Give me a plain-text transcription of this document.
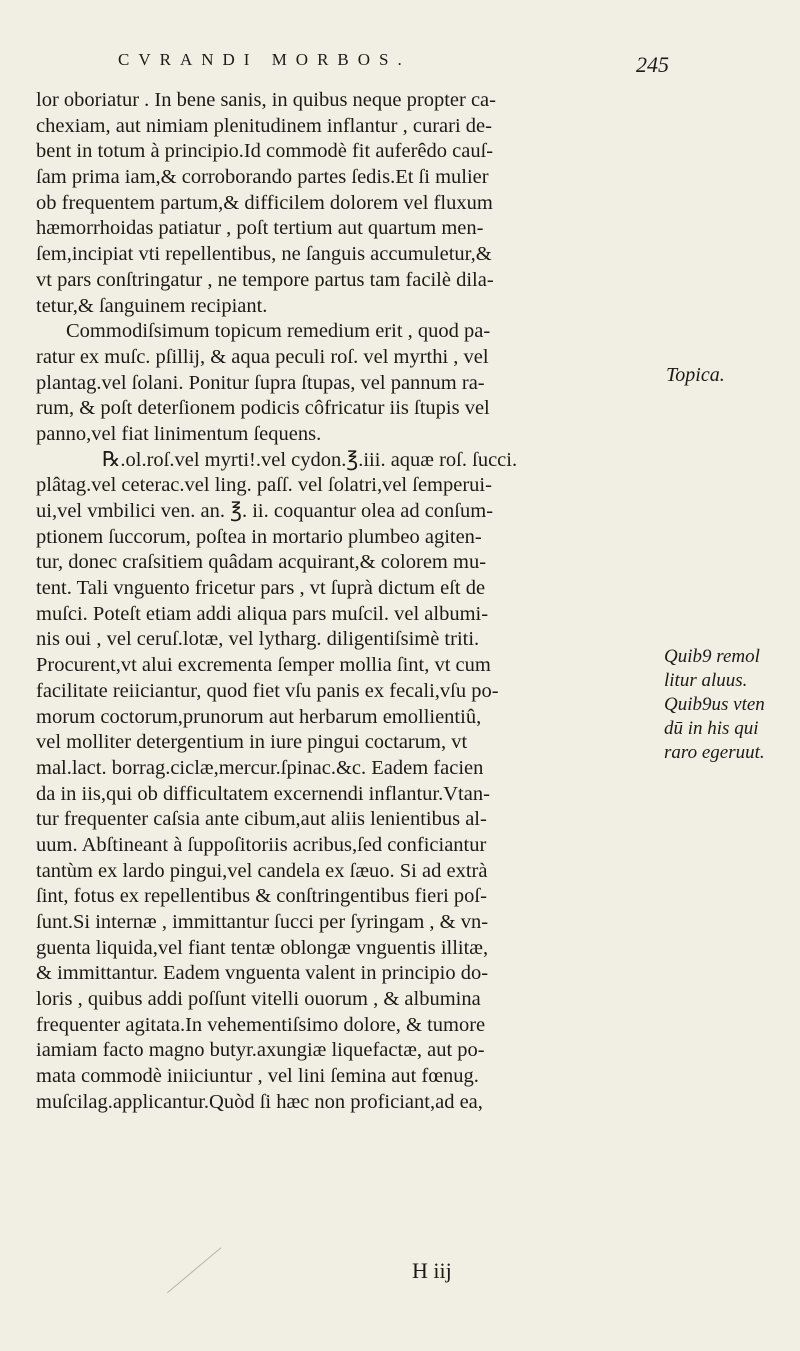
CVRANDI MORBOS.	245
lor oboriatur . In bene sanis, in quibus neque propter ca-
chexiam, aut nimiam plenitudinem inflantur , curari de-
bent in totum à principio.Id commodè fit auferêdo cauſ-
ſam prima iam,& corroborando partes ſedis.Et ſi mulier
ob frequentem partum,& difficilem dolorem vel fluxum
hæmorrhoidas patiatur , poſt tertium aut quartum men-
ſem,incipiat vti repellentibus, ne ſanguis accumuletur,&
vt pars conſtringatur , ne tempore partus tam facilè dila-
tetur,& ſanguinem recipiant.
Commodiſsimum topicum remedium erit , quod pa-
ratur ex muſc. pſillij, & aqua peculi roſ. vel myrthi , vel
plantag.vel ſolani. Ponitur ſupra ſtupas, vel pannum ra-
rum, & poſt deterſionem podicis côfricatur iis ſtupis vel
panno,vel fiat linimentum ſequens.
℞.ol.roſ.vel myrti!.vel cydon.℥.iii. aquæ roſ. ſucci.
plâtag.vel ceterac.vel ling. paſſ. vel ſolatri,vel ſemperui-
ui,vel vmbilici ven. an. ℥. ii. coquantur olea ad conſum-
ptionem ſuccorum, poſtea in mortario plumbeo agiten-
tur, donec craſsitiem quâdam acquirant,& colorem mu-
tent. Tali vnguento fricetur pars , vt ſuprà dictum eſt de
muſci. Poteſt etiam addi aliqua pars muſcil. vel albumi-
nis oui , vel ceruſ.lotæ, vel lytharg. diligentiſsimè triti.
Procurent,vt alui excrementa ſemper mollia ſint, vt cum
facilitate reiiciantur, quod fiet vſu panis ex fecali,vſu po-
morum coctorum,prunorum aut herbarum emollientiû,
vel molliter detergentium in iure pingui coctarum, vt
mal.lact. borrag.ciclæ,mercur.ſpinac.&c. Eadem facien
da in iis,qui ob difficultatem excernendi inflantur.Vtan-
tur frequenter caſsia ante cibum,aut aliis lenientibus al-
uum. Abſtineant à ſuppoſitoriis acribus,ſed conficiantur
tantùm ex lardo pingui,vel candela ex ſæuo. Si ad extrà
ſint, fotus ex repellentibus & conſtringentibus fieri poſ-
ſunt.Si internæ , immittantur ſucci per ſyringam , & vn-
guenta liquida,vel fiant tentæ oblongæ vnguentis illitæ,
& immittantur. Eadem vnguenta valent in principio do-
loris , quibus addi poſſunt vitelli ouorum , & albumina
frequenter agitata.In vehementiſsimo dolore, & tumore
iamiam facto magno butyr.axungiæ liquefactæ, aut po-
mata commodè iniiciuntur , vel lini ſemina aut fœnug.
muſcilag.applicantur.Quòd ſi hæc non proficiant,ad ea,
Topica.
Quib9 remol
litur aluus.
Quib9us vten
dū in his qui
raro egeruut.
H iij
